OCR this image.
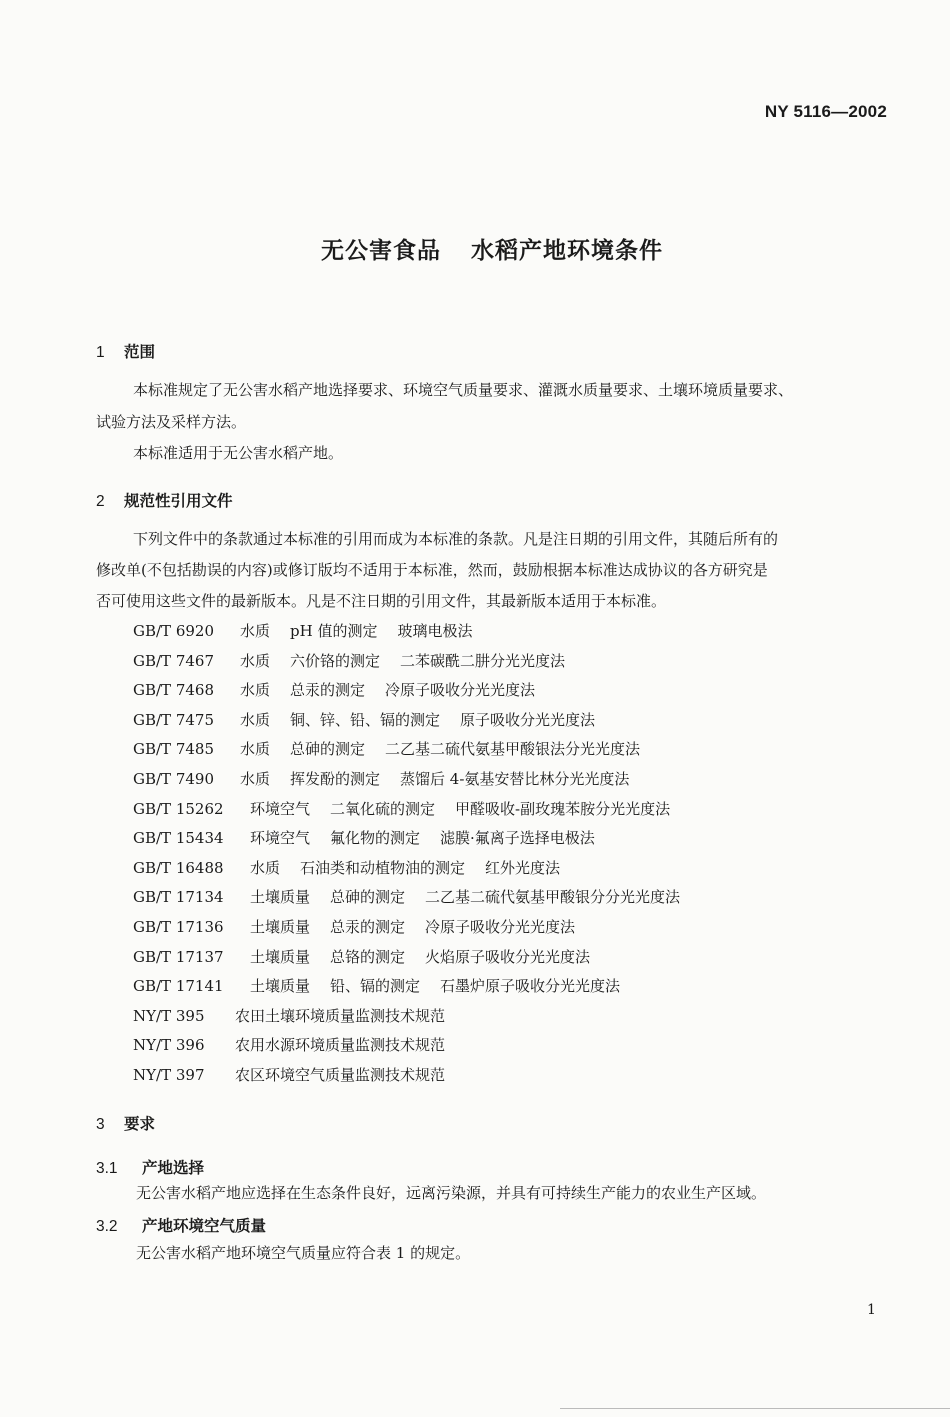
NY 5116—2002
无公害食品 水稻产地环境条件
1 范围
本标准规定了无公害水稻产地选择要求、环境空气质量要求、灌溉水质量要求、土壤环境质量要求、
试验方法及采样方法。
本标准适用于无公害水稻产地。
2 规范性引用文件
下列文件中的条款通过本标准的引用而成为本标准的条款。凡是注日期的引用文件，其随后所有的
修改单(不包括勘误的内容)或修订版均不适用于本标准，然而，鼓励根据本标准达成协议的各方研究是
否可使用这些文件的最新版本。凡是不注日期的引用文件，其最新版本适用于本标准。
GB/T 6920 水质 pH 值的测定 玻璃电极法
GB/T 7467 水质 六价铬的测定 二苯碳酰二肼分光光度法
GB/T 7468 水质 总汞的测定 冷原子吸收分光光度法
GB/T 7475 水质 铜、锌、铅、镉的测定 原子吸收分光光度法
GB/T 7485 水质 总砷的测定 二乙基二硫代氨基甲酸银法分光光度法
GB/T 7490 水质 挥发酚的测定 蒸馏后 4-氨基安替比林分光光度法
GB/T 15262 环境空气 二氧化硫的测定 甲醛吸收-副玫瑰苯胺分光光度法
GB/T 15434 环境空气 氟化物的测定 滤膜·氟离子选择电极法
GB/T 16488 水质 石油类和动植物油的测定 红外光度法
GB/T 17134 土壤质量 总砷的测定 二乙基二硫代氨基甲酸银分分光光度法
GB/T 17136 土壤质量 总汞的测定 冷原子吸收分光光度法
GB/T 17137 土壤质量 总铬的测定 火焰原子吸收分光光度法
GB/T 17141 土壤质量 铅、镉的测定 石墨炉原子吸收分光光度法
NY/T 395 农田土壤环境质量监测技术规范
NY/T 396 农用水源环境质量监测技术规范
NY/T 397 农区环境空气质量监测技术规范
3 要求
3.1 产地选择
无公害水稻产地应选择在生态条件良好，远离污染源，并具有可持续生产能力的农业生产区域。
3.2 产地环境空气质量
无公害水稻产地环境空气质量应符合表 1 的规定。
1
